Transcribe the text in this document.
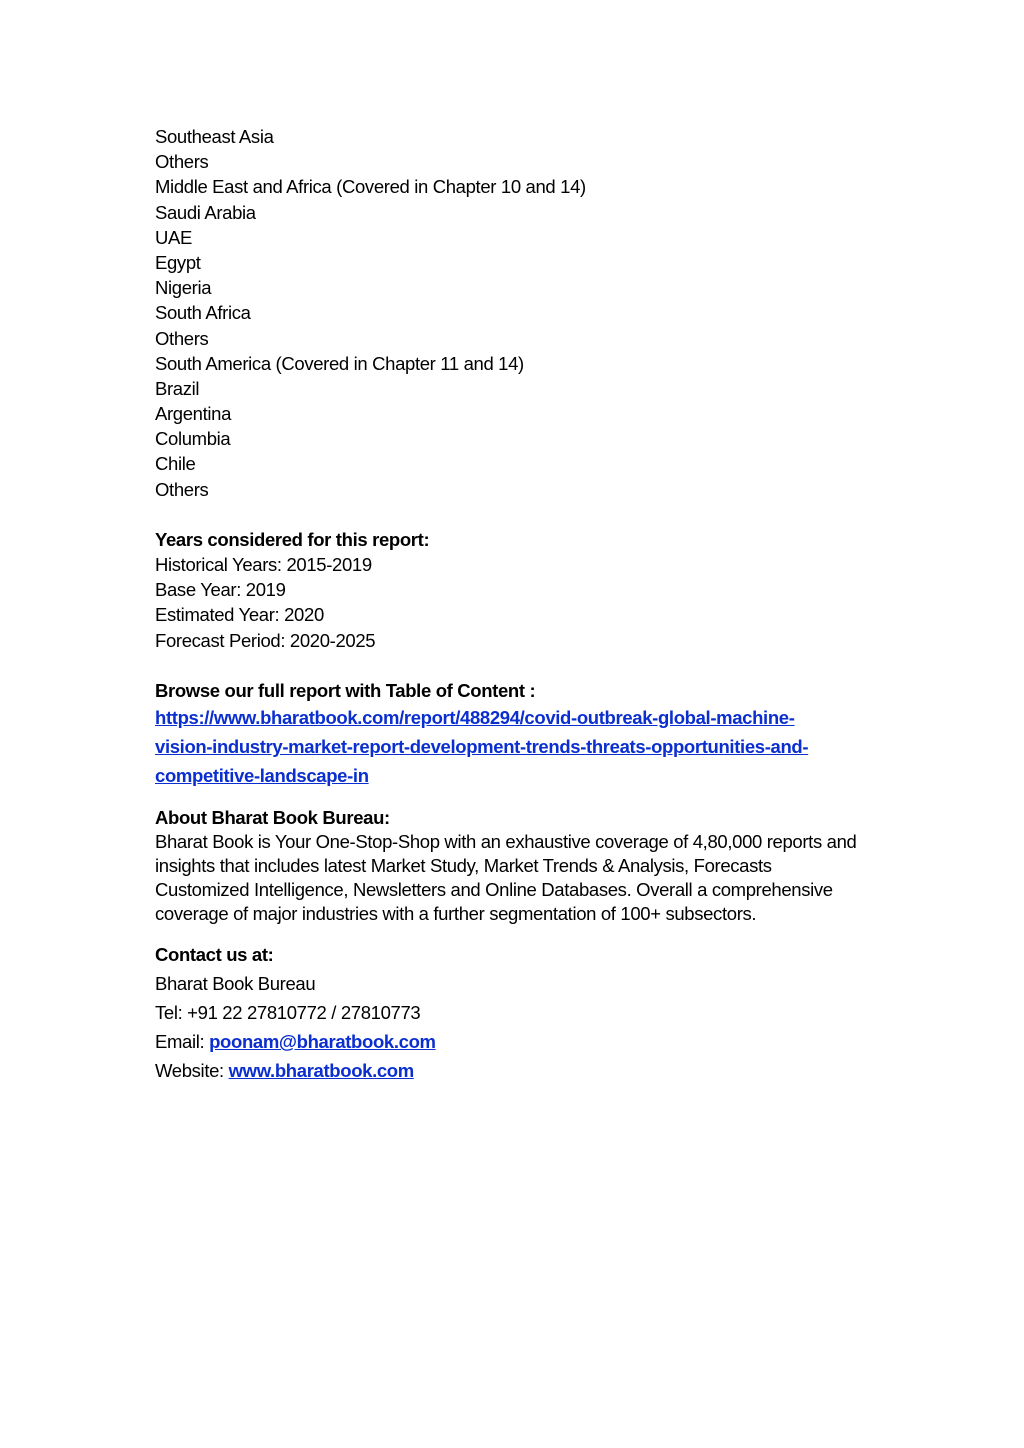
Southeast Asia
Others
Middle East and Africa (Covered in Chapter 10 and 14)
Saudi Arabia
UAE
Egypt
Nigeria
South Africa
Others
South America (Covered in Chapter 11 and 14)
Brazil
Argentina
Columbia
Chile
Others
Years considered for this report:
Historical Years: 2015-2019
Base Year: 2019
Estimated Year: 2020
Forecast Period: 2020-2025
Browse our full report with Table of Content :
https://www.bharatbook.com/report/488294/covid-outbreak-global-machine-
vision-industry-market-report-development-trends-threats-opportunities-and-
competitive-landscape-in
About Bharat Book Bureau:
Bharat Book is Your One-Stop-Shop with an exhaustive coverage of 4,80,000 reports and insights that includes latest Market Study, Market Trends & Analysis, Forecasts Customized Intelligence, Newsletters and Online Databases. Overall a comprehensive coverage of major industries with a further segmentation of 100+ subsectors.
Contact us at:
Bharat Book Bureau
Tel: +91 22 27810772 / 27810773
Email: poonam@bharatbook.com
Website: www.bharatbook.com
